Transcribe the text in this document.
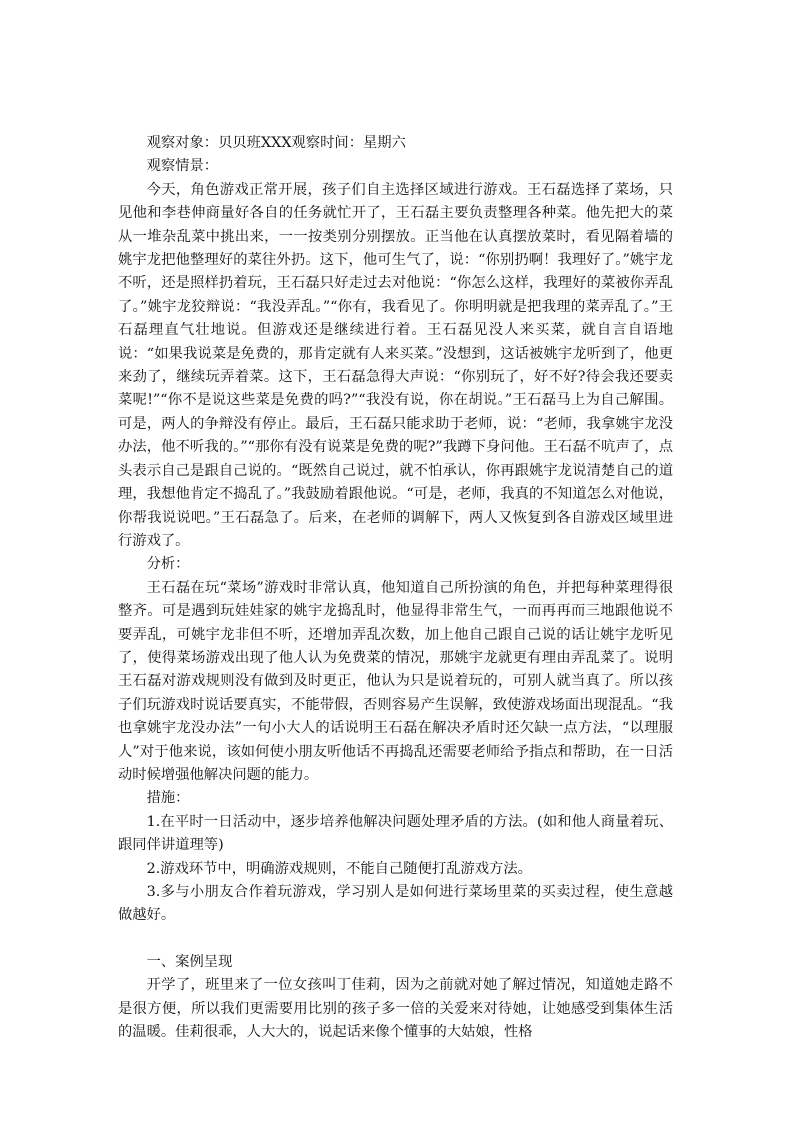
观察对象：贝贝班XXX观察时间：星期六

观察情景：

今天，角色游戏正常开展，孩子们自主选择区域进行游戏。王石磊选择了菜场，只见他和李巷伸商量好各自的任务就忙开了，王石磊主要负责整理各种菜。他先把大的菜从一堆杂乱菜中挑出来，一一按类别分别摆放。正当他在认真摆放菜时，看见隔着墙的姚宇龙把他整理好的菜往外扔。这下，他可生气了，说：“你别扔啊！我理好了。”姚宇龙不听，还是照样扔着玩，王石磊只好走过去对他说：“你怎么这样，我理好的菜被你弄乱了。”姚宇龙狡辩说：“我没弄乱。”“你有，我看见了。你明明就是把我理的菜弄乱了。”王石磊理直气壮地说。但游戏还是继续进行着。王石磊见没人来买菜，就自言自语地说：“如果我说菜是免费的，那肯定就有人来买菜。”没想到，这话被姚宇龙听到了，他更来劲了，继续玩弄着菜。这下，王石磊急得大声说：“你别玩了，好不好?待会我还要卖菜呢!”“你不是说这些菜是免费的吗?”“我没有说，你在胡说。”王石磊马上为自己解围。可是，两人的争辩没有停止。最后，王石磊只能求助于老师，说：“老师，我拿姚宇龙没办法，他不听我的。”“那你有没有说菜是免费的呢?”我蹲下身问他。王石磊不吭声了，点头表示自己是跟自己说的。“既然自己说过，就不怕承认，你再跟姚宇龙说清楚自己的道理，我想他肯定不捣乱了。”我鼓励着跟他说。“可是，老师，我真的不知道怎么对他说，你帮我说说吧。”王石磊急了。后来，在老师的调解下，两人又恢复到各自游戏区域里进行游戏了。

分析：

王石磊在玩“菜场”游戏时非常认真，他知道自己所扮演的角色，并把每种菜理得很整齐。可是遇到玩娃娃家的姚宇龙捣乱时，他显得非常生气，一而再再而三地跟他说不要弄乱，可姚宇龙非但不听，还增加弄乱次数，加上他自己跟自己说的话让姚宇龙听见了，使得菜场游戏出现了他人认为免费菜的情况，那姚宇龙就更有理由弄乱菜了。说明王石磊对游戏规则没有做到及时更正，他认为只是说着玩的，可别人就当真了。所以孩子们玩游戏时说话要真实，不能带假，否则容易产生误解，致使游戏场面出现混乱。“我也拿姚宇龙没办法”一句小大人的话说明王石磊在解决矛盾时还欠缺一点方法，“以理服人”对于他来说，该如何使小朋友听他话不再捣乱还需要老师给予指点和帮助，在一日活动时候增强他解决问题的能力。

措施：

1.在平时一日活动中，逐步培养他解决问题处理矛盾的方法。(如和他人商量着玩、跟同伴讲道理等)

2.游戏环节中，明确游戏规则，不能自己随便打乱游戏方法。

3.多与小朋友合作着玩游戏，学习别人是如何进行菜场里菜的买卖过程，使生意越做越好。

一、案例呈现

开学了，班里来了一位女孩叫丁佳莉，因为之前就对她了解过情况，知道她走路不是很方便，所以我们更需要用比别的孩子多一倍的关爱来对待她，让她感受到集体生活的温暖。佳莉很乖，人大大的，说起话来像个懂事的大姑娘，性格
